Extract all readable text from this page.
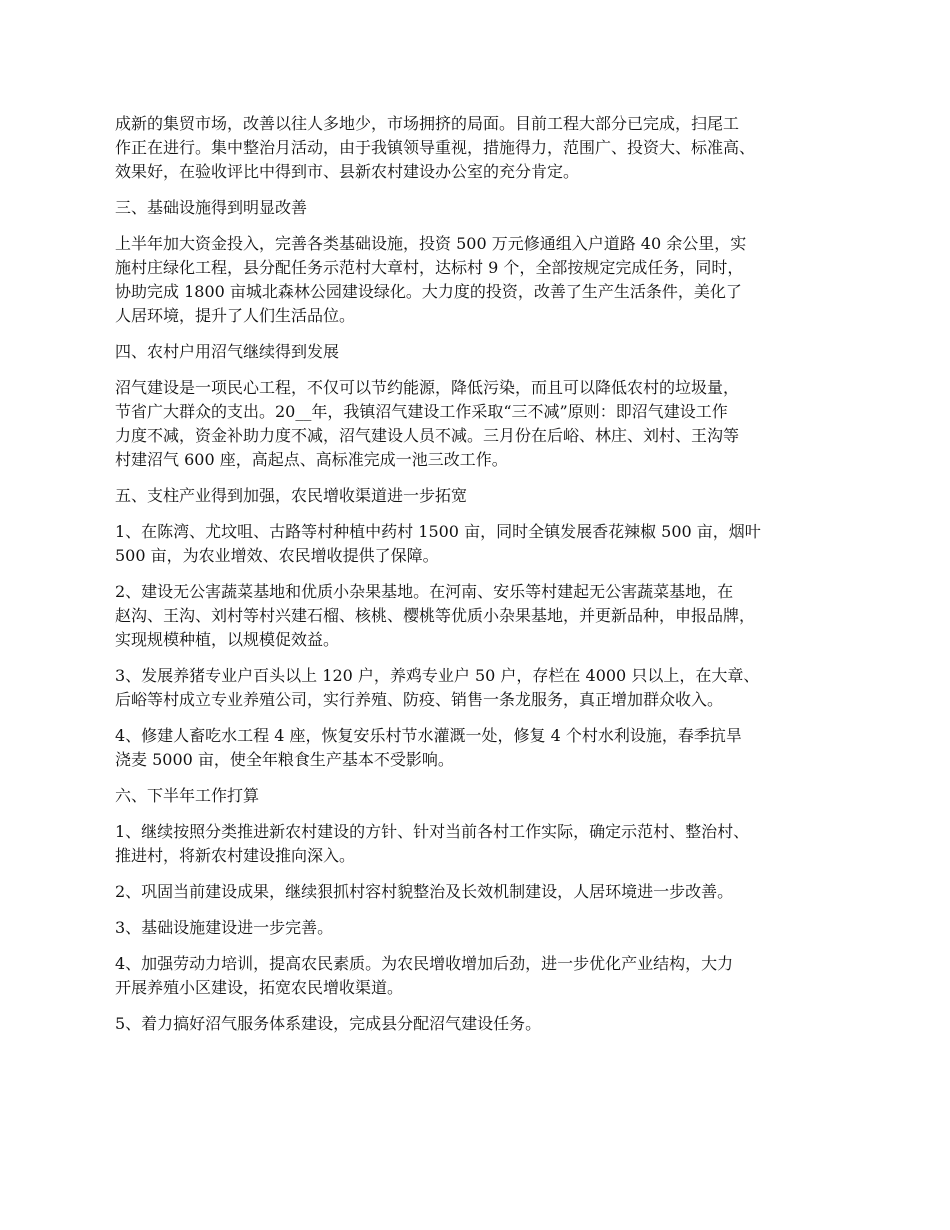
成新的集贸市场，改善以往人多地少，市场拥挤的局面。目前工程大部分已完成，扫尾工
作正在进行。集中整治月活动，由于我镇领导重视，措施得力，范围广、投资大、标准高、
效果好，在验收评比中得到市、县新农村建设办公室的充分肯定。

三、基础设施得到明显改善

上半年加大资金投入，完善各类基础设施，投资 500 万元修通组入户道路 40 余公里，实
施村庄绿化工程，县分配任务示范村大章村，达标村 9 个，全部按规定完成任务，同时，
协助完成 1800 亩城北森林公园建设绿化。大力度的投资，改善了生产生活条件，美化了
人居环境，提升了人们生活品位。

四、农村户用沼气继续得到发展

沼气建设是一项民心工程，不仅可以节约能源，降低污染，而且可以降低农村的垃圾量，
节省广大群众的支出。20__年，我镇沼气建设工作采取“三不减”原则：即沼气建设工作
力度不减，资金补助力度不减，沼气建设人员不减。三月份在后峪、林庄、刘村、王沟等
村建沼气 600 座，高起点、高标准完成一池三改工作。

五、支柱产业得到加强，农民增收渠道进一步拓宽

1、在陈湾、尤坟咀、古路等村种植中药村 1500 亩，同时全镇发展香花辣椒 500 亩，烟叶
500 亩，为农业增效、农民增收提供了保障。

2、建设无公害蔬菜基地和优质小杂果基地。在河南、安乐等村建起无公害蔬菜基地，在
赵沟、王沟、刘村等村兴建石榴、核桃、樱桃等优质小杂果基地，并更新品种，申报品牌，
实现规模种植，以规模促效益。

3、发展养猪专业户百头以上 120 户，养鸡专业户 50 户，存栏在 4000 只以上，在大章、
后峪等村成立专业养殖公司，实行养殖、防疫、销售一条龙服务，真正增加群众收入。

4、修建人畜吃水工程 4 座，恢复安乐村节水灌溉一处，修复 4 个村水利设施，春季抗旱
浇麦 5000 亩，使全年粮食生产基本不受影响。

六、下半年工作打算

1、继续按照分类推进新农村建设的方针、针对当前各村工作实际，确定示范村、整治村、
推进村，将新农村建设推向深入。

2、巩固当前建设成果，继续狠抓村容村貌整治及长效机制建设，人居环境进一步改善。

3、基础设施建设进一步完善。

4、加强劳动力培训，提高农民素质。为农民增收增加后劲，进一步优化产业结构，大力
开展养殖小区建设，拓宽农民增收渠道。

5、着力搞好沼气服务体系建设，完成县分配沼气建设任务。
